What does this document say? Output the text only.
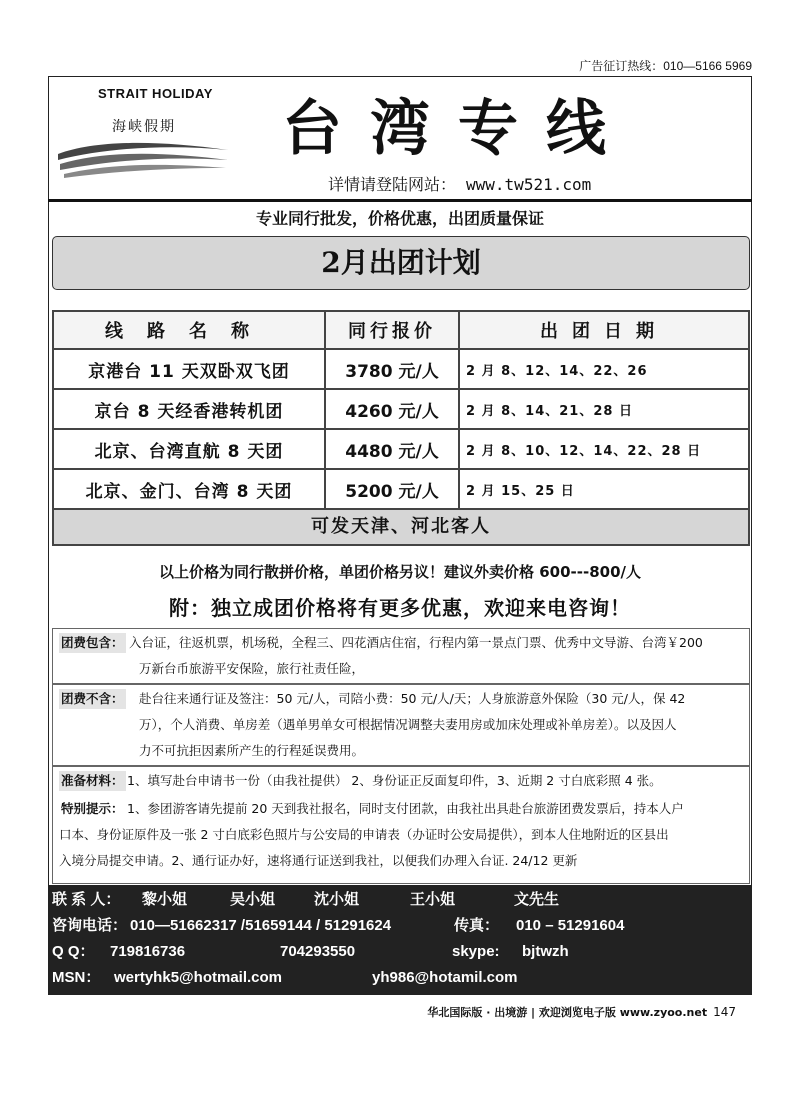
广告征订热线：010—5166 5969
STRAIT HOLIDAY
海峡假期 台湾专线
详情请登陆网站： www.tw521.com
专业同行批发，价格优惠，出团质量保证
2月出团计划
线路名称	同行报价	出团日期
京港台 11 天双卧双飞团	3780 元/人	2 月 8、12、14、22、26
京台 8 天经香港转机团	4260 元/人	2 月 8、14、21、28 日
北京、台湾直航 8 天团	4480 元/人	2 月 8、10、12、14、22、28 日
北京、金门、台湾 8 天团	5200 元/人	2 月 15、25 日
可发天津、河北客人
以上价格为同行散拼价格，单团价格另议！建议外卖价格 600---800/人
附：独立成团价格将有更多优惠，欢迎来电咨询！
团费包含： 入台证，往返机票，机场税，全程三、四花酒店住宿，行程内第一景点门票、优秀中文导游、台湾￥200
万新台币旅游平安保险，旅行社责任险，
团费不含： 赴台往来通行证及签注：50 元/人，司陪小费：50 元/人/天；人身旅游意外保险（30 元/人，保 42
万），个人消费、单房差（遇单男单女可根据情况调整夫妻用房或加床处理或补单房差）。以及因人
力不可抗拒因素所产生的行程延误费用。
准备材料： 1、填写赴台申请书一份（由我社提供） 2、身份证正反面复印件，3、近期 2 寸白底彩照 4 张。
特别提示： 1、参团游客请先提前 20 天到我社报名，同时支付团款，由我社出具赴台旅游团费发票后，持本人户
口本、身份证原件及一张 2 寸白底彩色照片与公安局的申请表（办证时公安局提供），到本人住地附近的区县出
入境分局提交申请。2、通行证办好，速将通行证送到我社，以便我们办理入台证. 24/12 更新
联 系 人： 黎小姐	吴小姐	沈小姐	王小姐	文先生
咨询电话： 010—51662317 /51659144 / 51291624	传真： 010 – 51291604
Q Q： 719816736	704293550	skype: bjtwzh
MSN： wertyhk5@hotmail.com	yh986@hotamil.com
华北国际版 · 出境游 | 欢迎浏览电子版 www.zyoo.net 147
